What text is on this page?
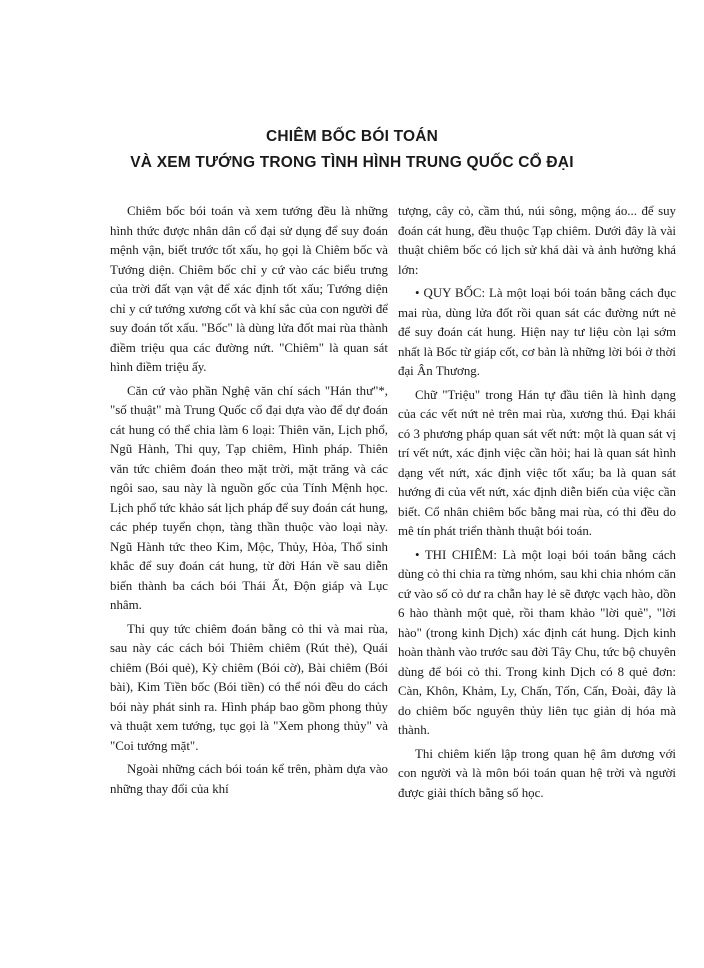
CHIÊM BỐC BÓI TOÁN
VÀ XEM TƯỚNG TRONG TÌNH HÌNH TRUNG QUỐC CỔ ĐẠI

Chiêm bốc bói toán và xem tướng đều là những hình thức được nhân dân cổ đại sử dụng để suy đoán mệnh vận, biết trước tốt xấu, họ gọi là Chiêm bốc và Tướng diện. Chiêm bốc chỉ y cứ vào các biểu trưng của trời đất vạn vật để xác định tốt xấu; Tướng diện chỉ y cứ tướng xương cốt và khí sắc của con người để suy đoán tốt xấu. "Bốc" là dùng lửa đốt mai rùa thành điềm triệu qua các đường nứt. "Chiêm" là quan sát hình điềm triệu ấy.

Căn cứ vào phần Nghệ văn chí sách "Hán thư"*, "số thuật" mà Trung Quốc cổ đại dựa vào để dự đoán cát hung có thể chia làm 6 loại: Thiên văn, Lịch phổ, Ngũ Hành, Thi quy, Tạp chiêm, Hình pháp. Thiên văn tức chiêm đoán theo mặt trời, mặt trăng và các ngôi sao, sau này là nguồn gốc của Tính Mệnh học. Lịch phổ tức khảo sát lịch pháp để suy đoán cát hung, các phép tuyển chọn, tàng thần thuộc vào loại này. Ngũ Hành tức theo Kim, Mộc, Thủy, Hỏa, Thổ sinh khắc để suy đoán cát hung, từ đời Hán về sau diễn biến thành ba cách bói Thái Ất, Độn giáp và Lục nhâm.

Thi quy tức chiêm đoán bằng cỏ thi và mai rùa, sau này các cách bói Thiêm chiêm (Rút thẻ), Quái chiêm (Bói quẻ), Kỳ chiêm (Bói cờ), Bài chiêm (Bói bài), Kim Tiền bốc (Bói tiền) có thể nói đều do cách bói này phát sinh ra. Hình pháp bao gồm phong thủy và thuật xem tướng, tục gọi là "Xem phong thủy" và "Coi tướng mặt".

Ngoài những cách bói toán kể trên, phàm dựa vào những thay đổi của khí

tượng, cây cỏ, cầm thú, núi sông, mộng áo... để suy đoán cát hung, đều thuộc Tạp chiêm. Dưới đây là vài thuật chiêm bốc có lịch sử khá dài và ảnh hưởng khá lớn:

• QUY BỐC: Là một loại bói toán bằng cách đục mai rùa, dùng lửa đốt rồi quan sát các đường nứt nẻ để suy đoán cát hung. Hiện nay tư liệu còn lại sớm nhất là Bốc từ giáp cốt, cơ bản là những lời bói ở thời đại Ân Thương.

Chữ "Triệu" trong Hán tự đầu tiên là hình dạng của các vết nứt nẻ trên mai rùa, xương thú. Đại khái có 3 phương pháp quan sát vết nứt: một là quan sát vị trí vết nứt, xác định việc cần hỏi; hai là quan sát hình dạng vết nứt, xác định việc tốt xấu; ba là quan sát hướng đi của vết nứt, xác định diễn biến của việc cần biết. Cổ nhân chiêm bốc bằng mai rùa, có thi đều do mê tín phát triển thành thuật bói toán.

• THI CHIÊM: Là một loại bói toán bằng cách dùng cỏ thi chia ra từng nhóm, sau khi chia nhóm căn cứ vào số cỏ dư ra chẵn hay lẻ sẽ được vạch hào, dồn 6 hào thành một quẻ, rồi tham khảo "lời quẻ", "lời hào" (trong kinh Dịch) xác định cát hung. Dịch kinh hoàn thành vào trước sau đời Tây Chu, tức bộ chuyên dùng để bói cỏ thi. Trong kinh Dịch có 8 quẻ đơn: Càn, Khôn, Khảm, Ly, Chấn, Tốn, Cấn, Đoài, đây là do chiêm bốc nguyên thủy liên tục giản dị hóa mà thành.

Thi chiêm kiến lập trong quan hệ âm dương với con người và là môn bói toán quan hệ trời và người được giải thích bằng số học.
